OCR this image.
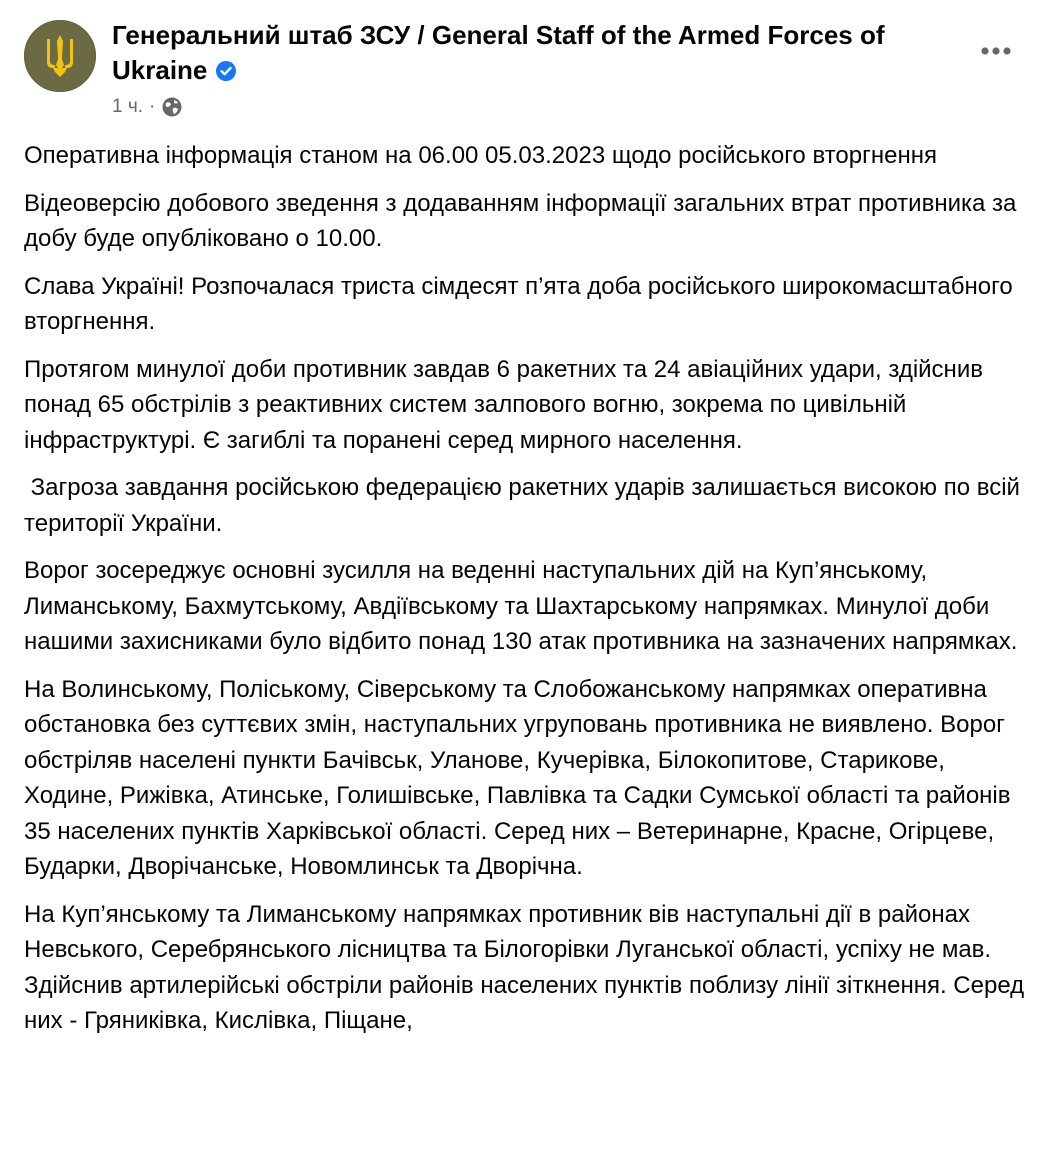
Генеральний штаб ЗСУ / General Staff of the Armed Forces of Ukraine
1 ч. ·

Оперативна інформація станом на 06.00 05.03.2023 щодо російського вторгнення

Відеоверсію добового зведення з додаванням інформації загальних втрат противника за добу буде опубліковано о 10.00.

Слава Україні! Розпочалася триста сімдесят п’ята доба російського широкомасштабного вторгнення.

Протягом минулої доби противник завдав 6 ракетних та 24 авіаційних удари, здійснив понад 65 обстрілів з реактивних систем залпового вогню, зокрема по цивільній інфраструктурі. Є загиблі та поранені серед мирного населення.

Загроза завдання російською федерацією ракетних ударів залишається високою по всій території України.

Ворог зосереджує основні зусилля на веденні наступальних дій на Куп’янському, Лиманському, Бахмутському, Авдіївському та Шахтарському напрямках. Минулої доби нашими захисниками було відбито понад 130 атак противника на зазначених напрямках.

На Волинському, Поліському, Сіверському та Слобожанському напрямках оперативна обстановка без суттєвих змін, наступальних угруповань противника не виявлено. Ворог обстріляв населені пункти Бачівськ, Уланове, Кучерівка, Білокопитове, Старикове, Ходине, Рижівка, Атинське, Голишівське, Павлівка та Садки Сумської області та районів 35 населених пунктів Харківської області. Серед них – Ветеринарне, Красне, Огірцеве, Бударки, Дворічанське, Новомлинськ та Дворічна.

На Куп’янському та Лиманському напрямках противник вів наступальні дії в районах Невського, Серебрянського лісництва та Білогорівки Луганської області, успіху не мав. Здійснив артилерійські обстріли районів населених пунктів поблизу лінії зіткнення. Серед них - Гряниківка, Кислівка, Піщане,
